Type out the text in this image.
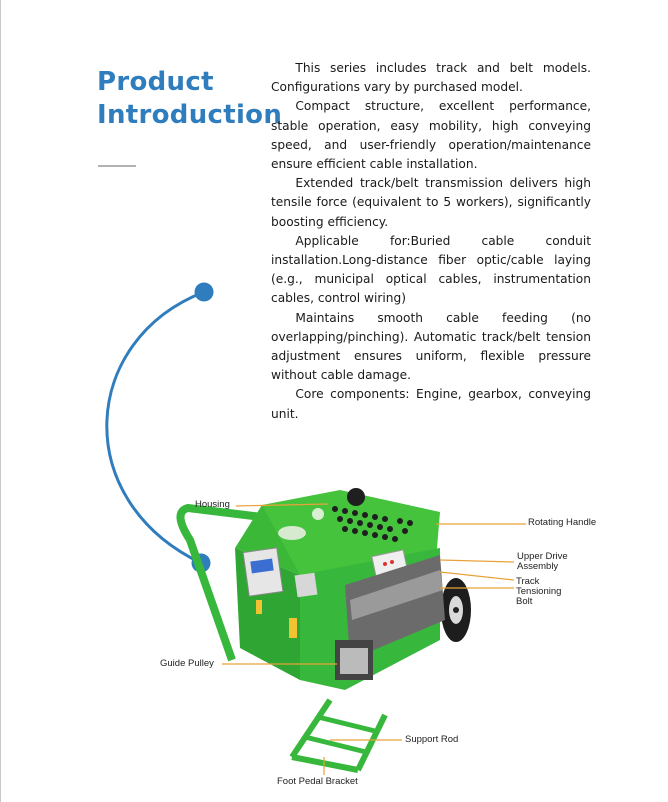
Product
Introduction

This series includes track and belt models. Configurations vary by purchased model.

Compact structure, excellent performance, stable operation, easy mobility, high conveying speed, and user-friendly operation/maintenance ensure efficient cable installation.

Extended track/belt transmission delivers high tensile force (equivalent to 5 workers), significantly boosting efficiency.

Applicable for:Buried cable conduit installation.Long-distance fiber optic/cable laying (e.g., municipal optical cables, instrumentation cables, control wiring)

Maintains smooth cable feeding (no overlapping/pinching). Automatic track/belt tension adjustment ensures uniform, flexible pressure without cable damage.

Core components: Engine, gearbox, conveying unit.

Housing
Rotating Handle
Upper Drive Assembly
Track Tensioning Bolt
Guide Pulley
Support Rod
Foot Pedal Bracket
